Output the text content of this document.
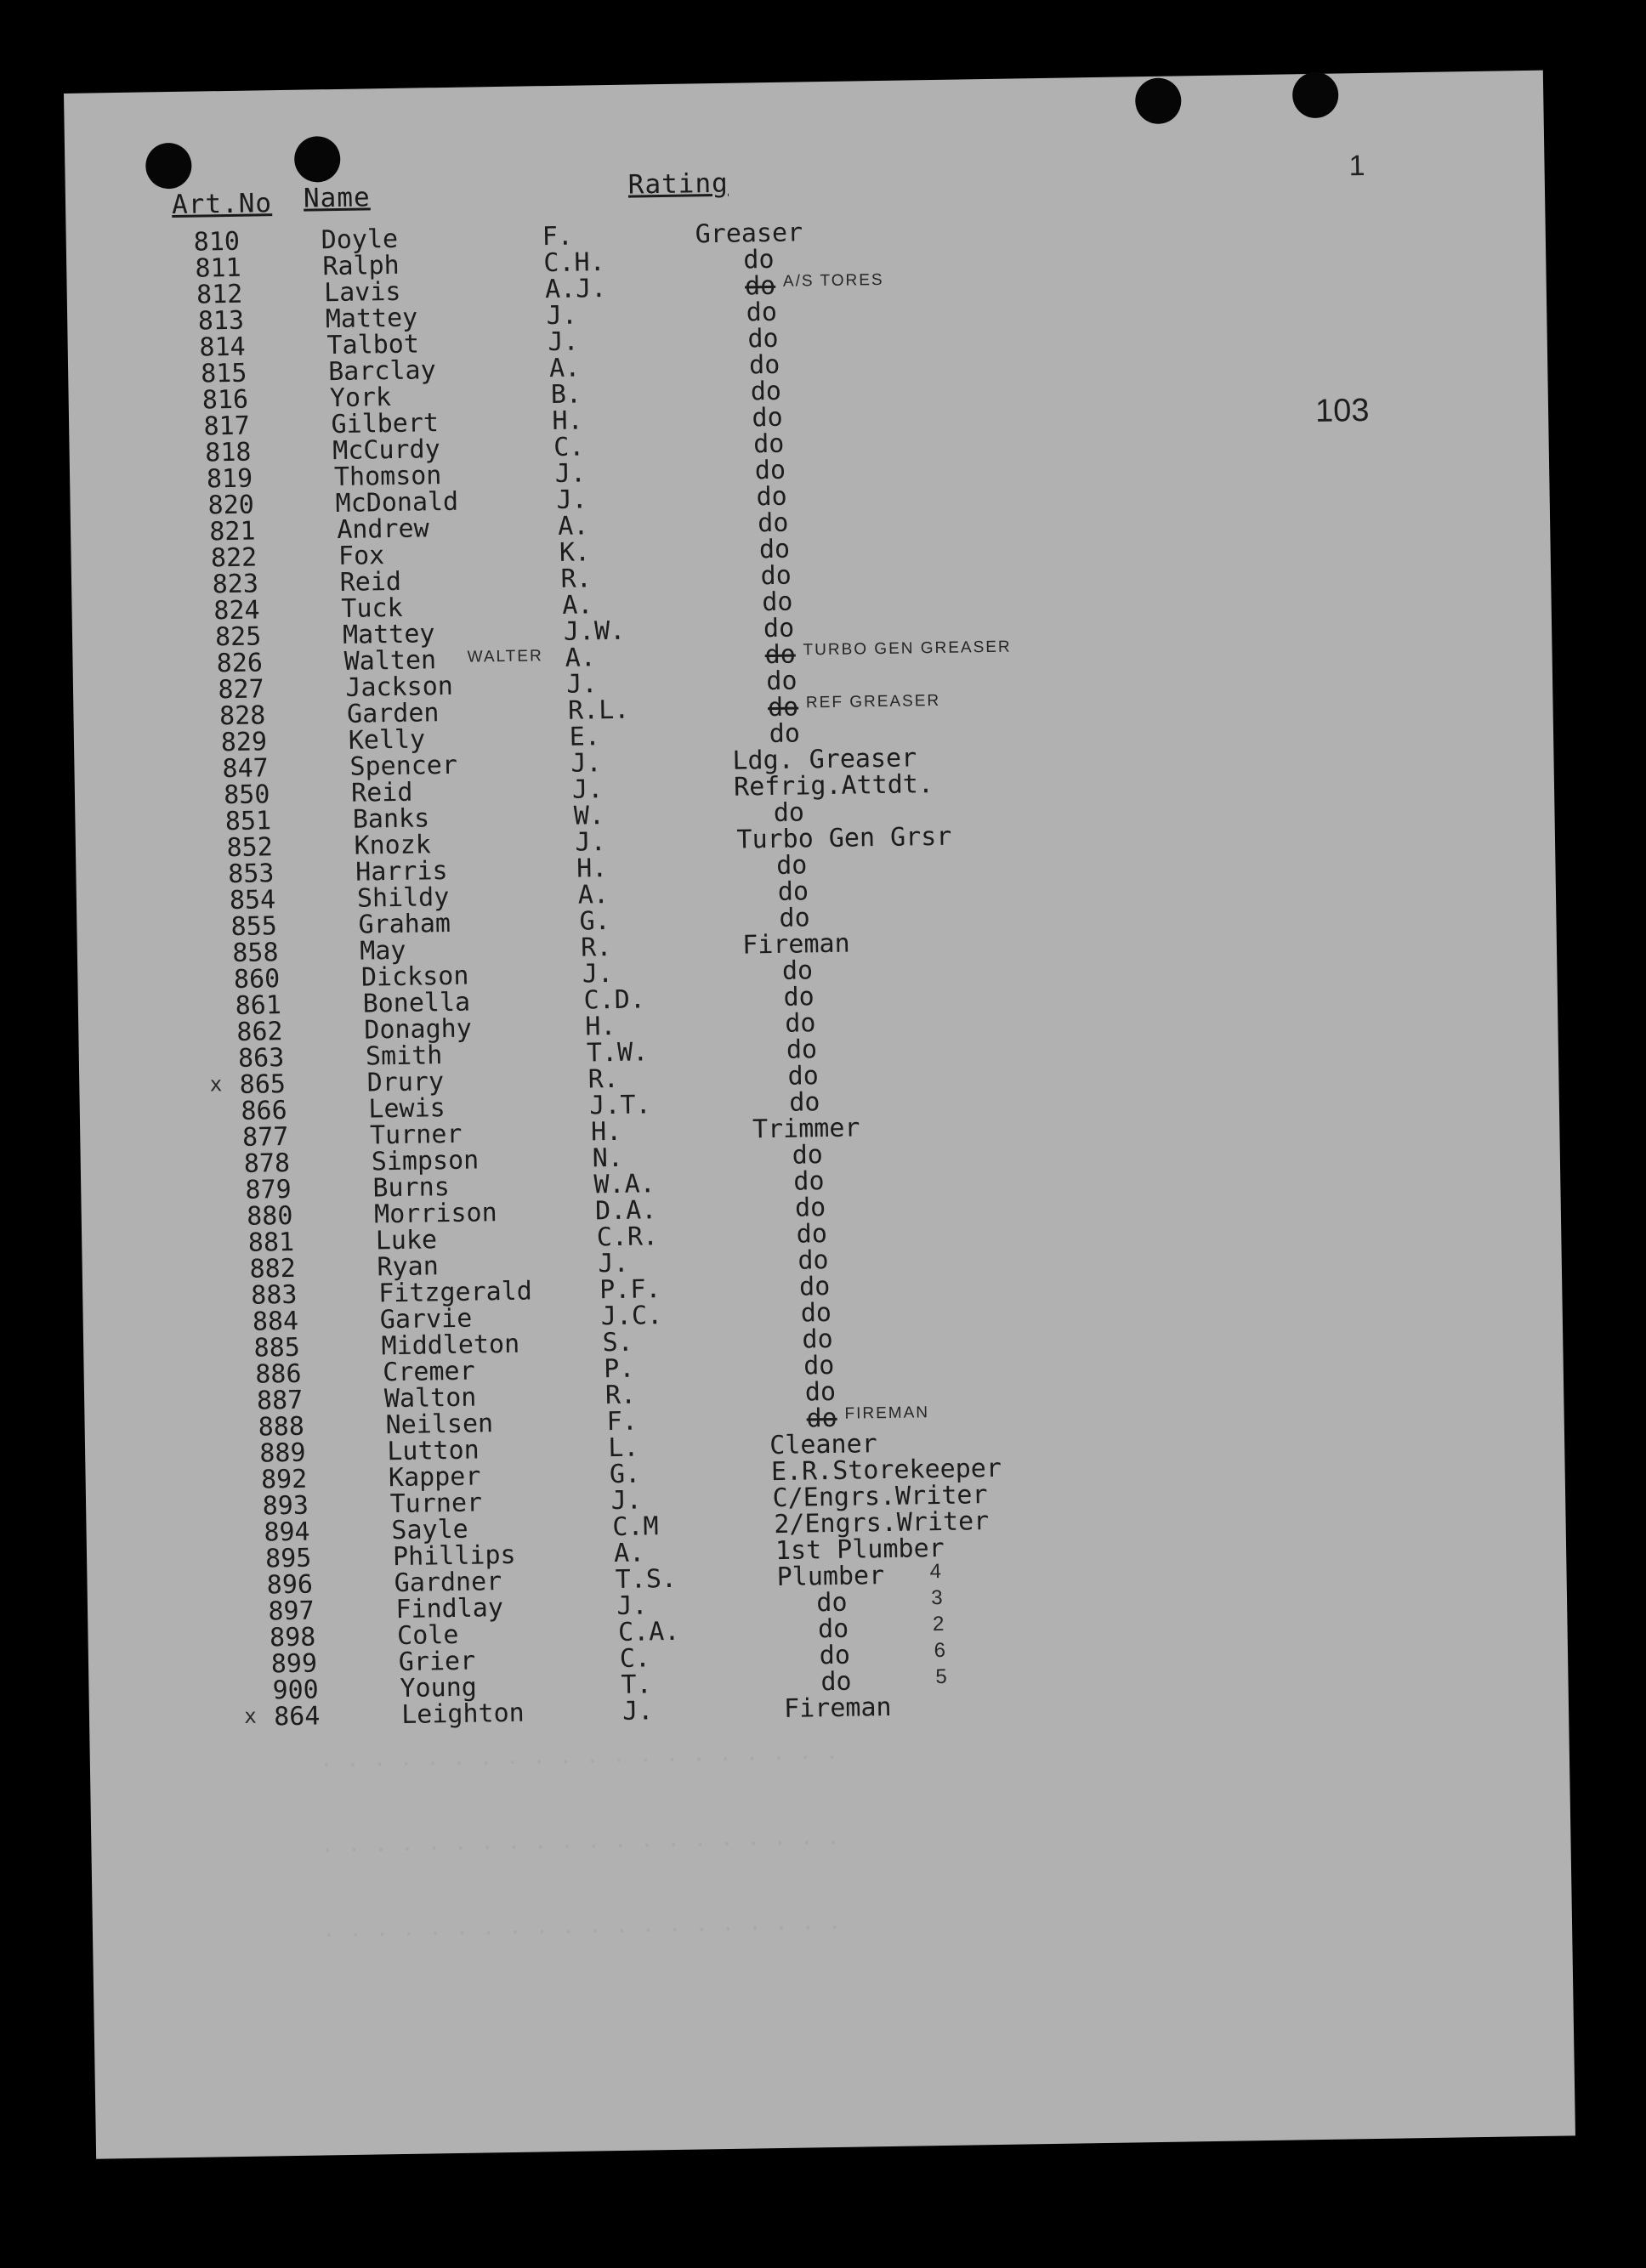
Art.No Name	Rating
1
103
. . . . . . . . . . . . . . . . . . . .
. . . . . . . . . . . . . . . . . . . .
. . . . . . . . . . . . . . . . . . . .
810	Doyle	F.	Greaser
811	Ralph	C.H.	do
812	Lavis	A.J.	do A/S TORES
813	Mattey	J.	do
814	Talbot	J.	do
815	Barclay	A.	do
816	York	B.	do
817	Gilbert	H.	do
818	McCurdy	C.	do
819	Thomson	J.	do
820	McDonald	J.	do
821	Andrew	A.	do
822	Fox	K.	do
823	Reid	R.	do
824	Tuck	A.	do
825	Mattey	J.W.	do
826	Walten	A.	do TURBO GEN GREASER
WALTER
827	Jackson	J.	do
828	Garden	R.L.	do REF GREASER
829	Kelly	E.	do
847	Spencer	J.	Ldg. Greaser
850	Reid	J.	Refrig.Attdt.
851	Banks	W.	do
852	Knozk	J.	Turbo Gen Grsr
853	Harris	H.	do
854	Shildy	A.	do
855	Graham	G.	do
858	May	R.	Fireman
860	Dickson	J.	do
861	Bonella	C.D.	do
862	Donaghy	H.	do
863	Smith	T.W.	do
865	Drury	R.	do
x
866	Lewis	J.T.	do
877	Turner	H.	Trimmer
878	Simpson	N.	do
879	Burns	W.A.	do
880	Morrison	D.A.	do
881	Luke	C.R.	do
882	Ryan	J.	do
883	Fitzgerald	P.F.	do
884	Garvie	J.C.	do
885	Middleton	S.	do
886	Cremer	P.	do
887	Walton	R.	do
888	Neilsen	F.	do FIREMAN
889	Lutton	L.	Cleaner
892	Kapper	G.	E.R.Storekeeper
893	Turner	J.	C/Engrs.Writer
894	Sayle	C.M	2/Engrs.Writer
895	Phillips	A.	1st Plumber
896	Gardner	T.S.	Plumber 4
897	Findlay	J.	do	3
898	Cole	C.A.	do	2
899	Grier	C.	do	6
900	Young	T.	do	5
864	Leighton	J.	Fireman
x
